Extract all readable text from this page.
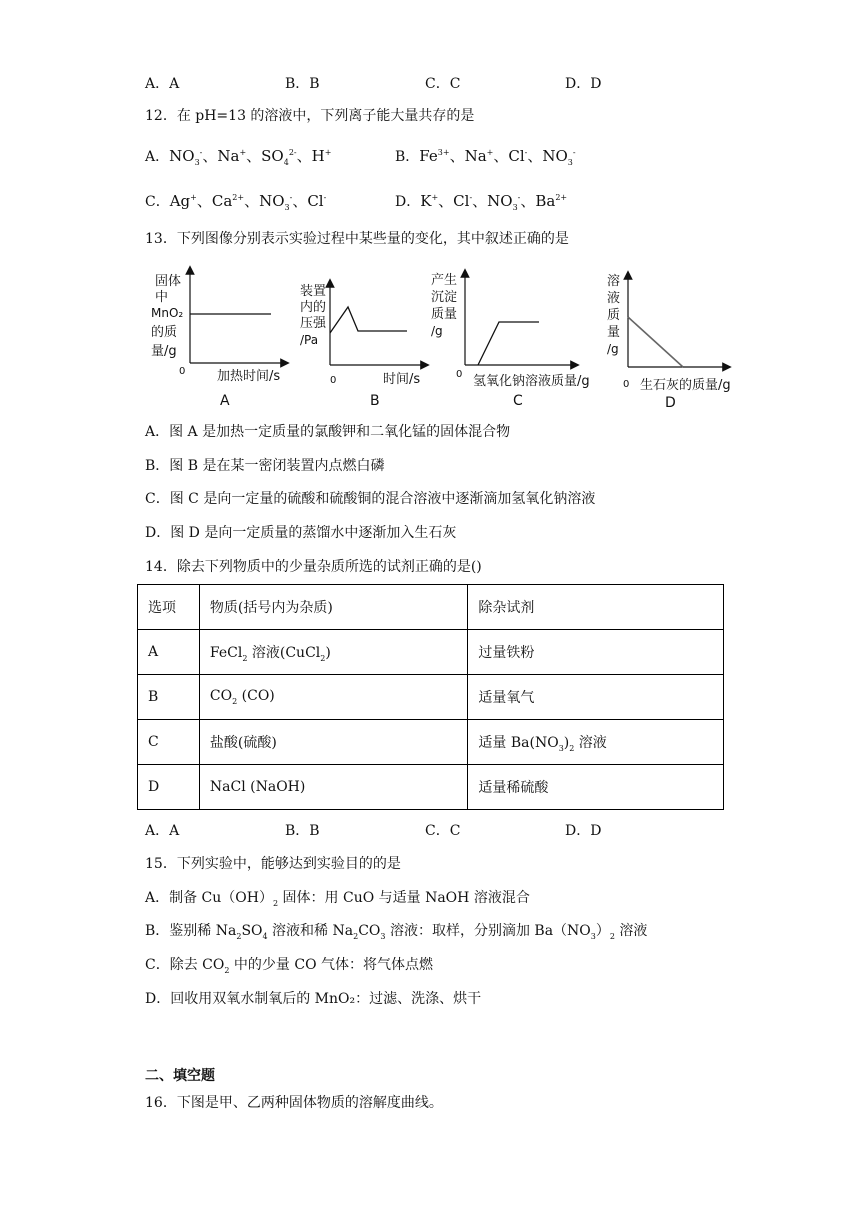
A．A	B．B	C．C	D．D
12．在 pH=13 的溶液中，下列离子能大量共存的是
A．$NO_3^-$、Na+、$SO_4^{2-}$、H+	B．$Fe^{3+}$、Na+、Cl-、$NO_3^-$
C．Ag+、$Ca^{2+}$、$NO_3^-$、Cl-	D．K+、Cl-、$NO_3^-$、$Ba^{2+}$
13．下列图像分别表示实验过程中某些量的变化，其中叙述正确的是
固体
中
MnO₂
的质
量/g
0 加热时间/s
A
装置
内的
压强
/Pa
0	时间/s
B
产生
沉淀
质量
/g
0 氢氧化钠溶液质量/g
C
溶
液
质
量
/g
0 生石灰的质量/g
D
A．图 A 是加热一定质量的氯酸钾和二氧化锰的固体混合物
B．图 B 是在某一密闭装置内点燃白磷
C．图 C 是向一定量的硫酸和硫酸铜的混合溶液中逐渐滴加氢氧化钠溶液
D．图 D 是向一定质量的蒸馏水中逐渐加入生石灰
14．除去下列物质中的少量杂质所选的试剂正确的是()
选项	物质(括号内为杂质)	除杂试剂
A	FeCl$_2$ 溶液(CuCl$_2$)	过量铁粉
B	$CO_2$ (CO)	适量氧气
C	盐酸(硫酸)	适量 $Ba(NO_3)_2$ 溶液
D	NaCl (NaOH)	适量稀硫酸
A．A	B．B	C．C	D．D
15．下列实验中，能够达到实验目的的是
A．制备 $Cu(OH)_2$ 固体：用 CuO 与适量 NaOH 溶液混合
B．鉴别稀 $Na_2SO_4$ 溶液和稀 $Na_2CO_3$ 溶液：取样，分别滴加 $Ba(NO_3)_2$ 溶液
C．除去 $CO_2$ 中的少量 CO 气体：将气体点燃
D．回收用双氧水制氧后的 MnO₂：过滤、洗涤、烘干
二、填空题
16．下图是甲、乙两种固体物质的溶解度曲线。
